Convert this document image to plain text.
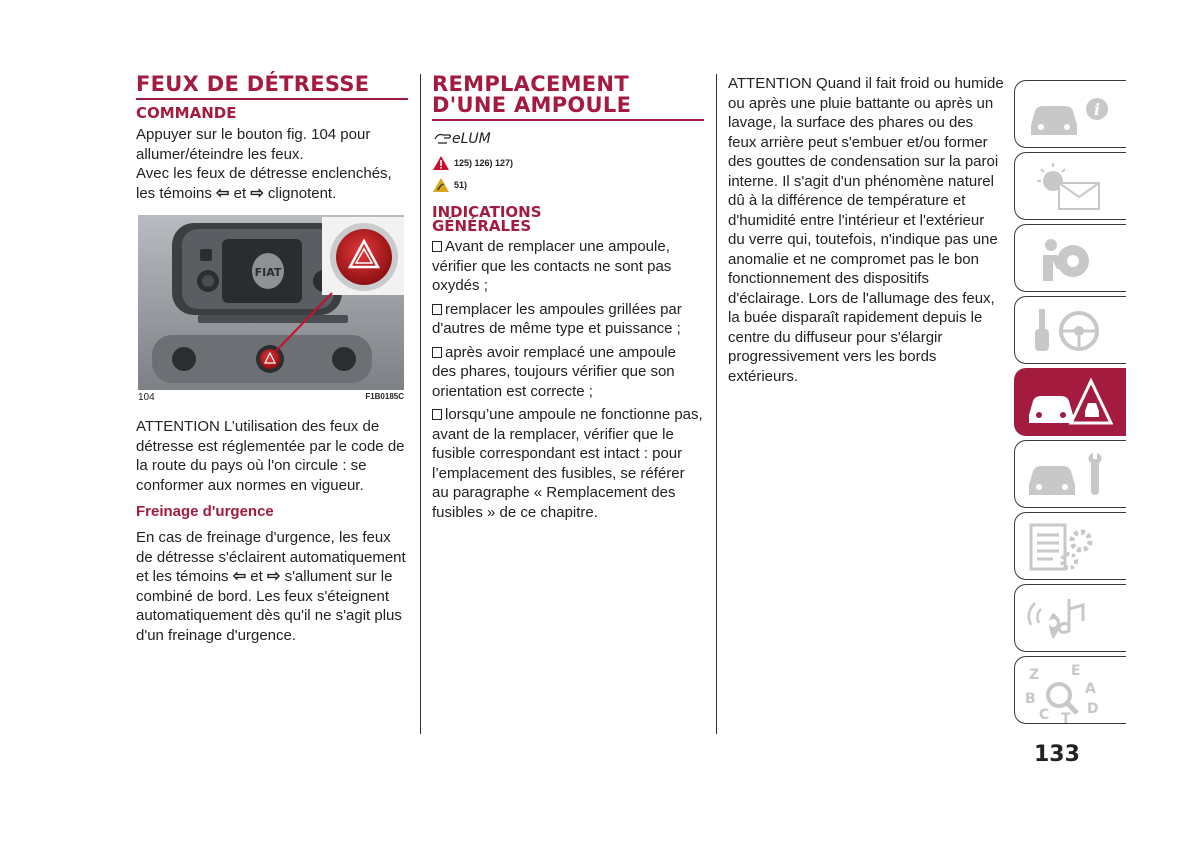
FEUX DE DÉTRESSE
COMMANDE

Appuyer sur le bouton fig. 104 pour allumer/éteindre les feux.

Avec les feux de détresse enclenchés, les témoins ⇦ et ⇨ clignotent.

FIAT
104	F1B0185C

ATTENTION L’utilisation des feux de détresse est réglementée par le code de la route du pays où l'on circule : se conformer aux normes en vigueur.

Freinage d'urgence

En cas de freinage d'urgence, les feux de détresse s'éclairent automatiquement et les témoins ⇦ et ⇨ s'allument sur le combiné de bord. Les feux s'éteignent automatiquement dès qu'il ne s'agit plus d'un freinage d'urgence.

REMPLACEMENT
D'UNE AMPOULE
eLUM
125) 126) 127)
51)
INDICATIONS
GÉNÉRALES
Avant de remplacer une ampoule, vérifier que les contacts ne sont pas oxydés ;
remplacer les ampoules grillées par d'autres de même type et puissance ;
après avoir remplacé une ampoule des phares, toujours vérifier que son orientation est correcte ;
lorsqu’une ampoule ne fonctionne pas, avant de la remplacer, vérifier que le fusible correspondant est intact : pour l’emplacement des fusibles, se référer au paragraphe « Remplacement des fusibles » de ce chapitre.

ATTENTION Quand il fait froid ou humide ou après une pluie battante ou après un lavage, la surface des phares ou des feux arrière peut s'embuer et/ou former des gouttes de condensation sur la paroi interne. Il s'agit d'un phénomène naturel dû à la différence de température et d'humidité entre l'intérieur et l'extérieur du verre qui, toutefois, n'indique pas une anomalie et ne compromet pas le bon fonctionnement des dispositifs d'éclairage. Lors de l'allumage des feux, la buée disparaît rapidement depuis le centre du diffuseur pour s'élargir progressivement vers les bords extérieurs.

i
Z E
A
B
D
C T
133
